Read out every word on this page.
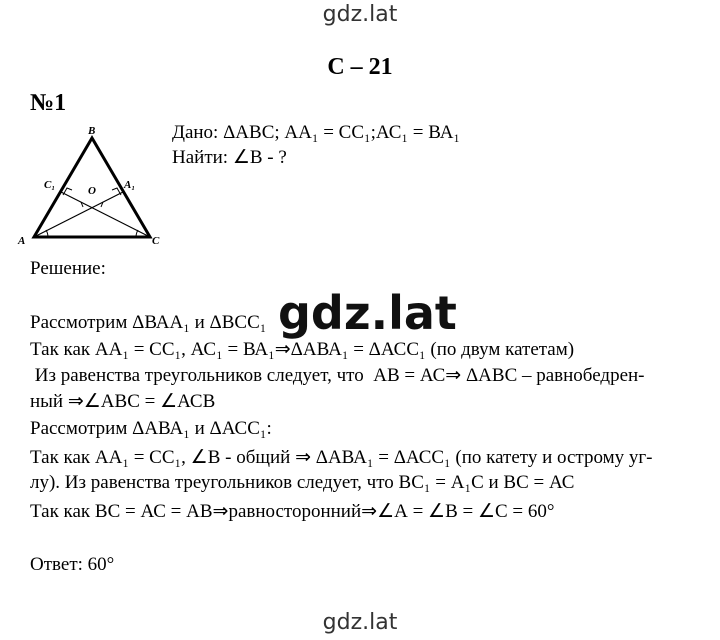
gdz.lat
С – 21
№1
B
A	C
C₁	A₁
O
Дано: ΔАВС; АА₁ = СС₁;АС₁ = ВА₁
Найти: ∠В - ?
Решение:
Рассмотрим ΔВАА₁ и ΔВСС₁
Так как АА₁ = СС₁, АС₁ = ВА₁⇒ΔАВА₁ = ΔАСС₁ (по двум катетам)
Из равенства треугольников следует, что  АВ = АС⇒ ΔАВС – равнобедрен-
ный ⇒∠АВС = ∠АСВ
Рассмотрим ΔАВА₁ и ΔАСС₁:
Так как АА₁ = СС₁, ∠В - общий ⇒ ΔАВА₁ = ΔАСС₁ (по катету и острому уг-
лу). Из равенства треугольников следует, что ВС₁ = А₁С и ВС = АС
Так как ВС = АС = АВ⇒равносторонний⇒∠А = ∠В = ∠С = 60°
Ответ: 60°
gdz.lat
gdz.lat
